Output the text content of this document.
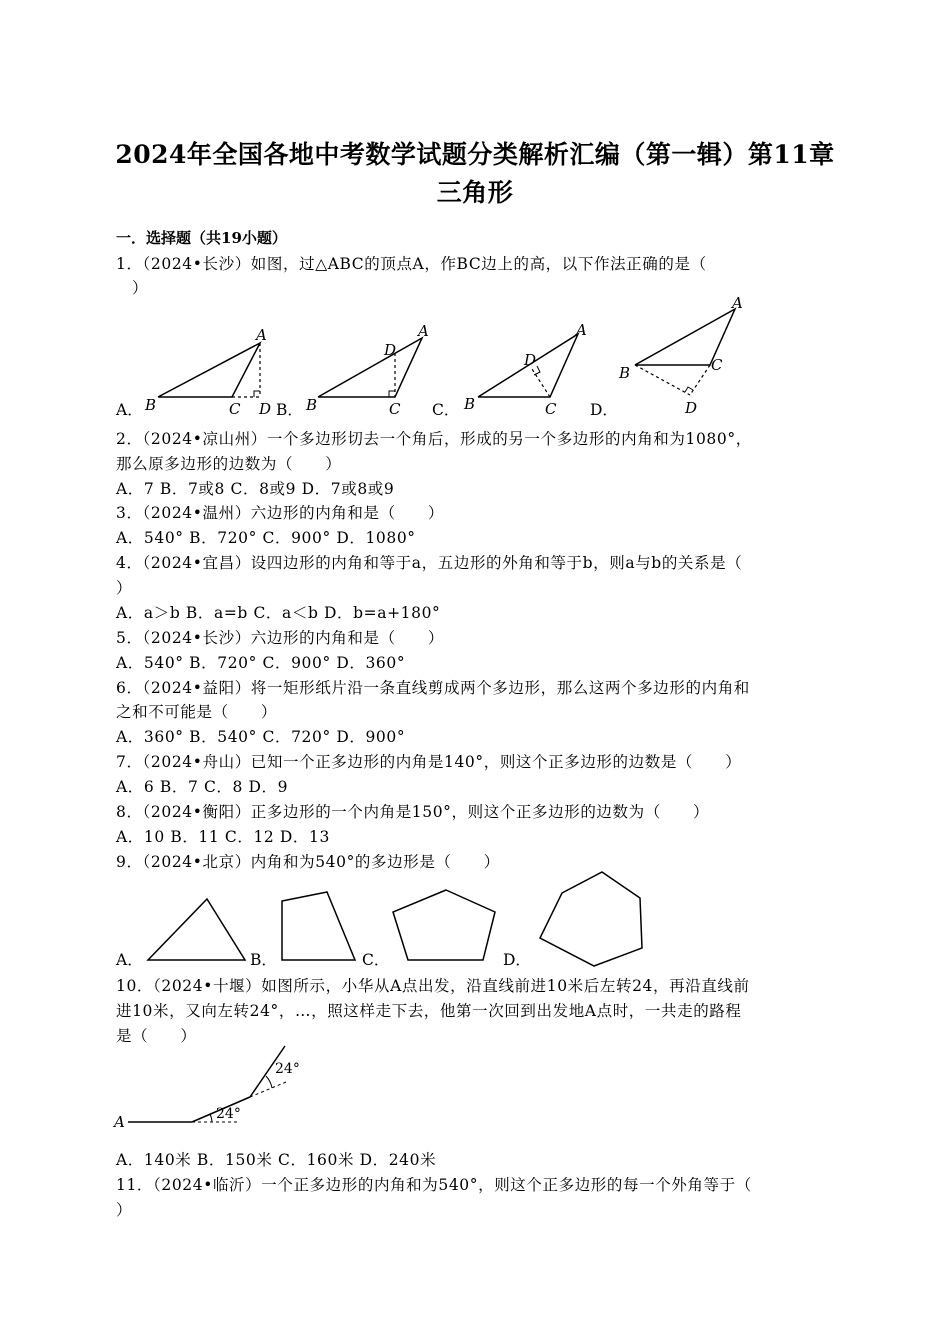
2024年全国各地中考数学试题分类解析汇编（第一辑）第11章
三角形
一．选择题（共19小题）
1．（2024•长沙）如图，过△ABC的顶点A，作BC边上的高，以下作法正确的是（
）
A．	B．	C．	D．
A
B	C D
A
B	C
D
A
B	C
D
A
B	C
D
2．（2024•凉山州）一个多边形切去一个角后，形成的另一个多边形的内角和为1080°，
那么原多边形的边数为（　　）
A．7 B．7或8 C．8或9 D．7或8或9
3．（2024•温州）六边形的内角和是（　　）
A．540° B．720° C．900° D．1080°
4．（2024•宜昌）设四边形的内角和等于a，五边形的外角和等于b，则a与b的关系是（
）
A．a＞b B．a=b C．a＜b D．b=a+180°
5．（2024•长沙）六边形的内角和是（　　）
A．540° B．720° C．900° D．360°
6．（2024•益阳）将一矩形纸片沿一条直线剪成两个多边形，那么这两个多边形的内角和
之和不可能是（　　）
A．360° B．540° C．720° D．900°
7．（2024•舟山）已知一个正多边形的内角是140°，则这个正多边形的边数是（　　）
A．6 B．7 C．8 D．9
8．（2024•衡阳）正多边形的一个内角是150°，则这个正多边形的边数为（　　）
A．10 B．11 C．12 D．13
9．（2024•北京）内角和为540°的多边形是（　　）
A．	B．	C．	D．
10．（2024•十堰）如图所示，小华从A点出发，沿直线前进10米后左转24，再沿直线前
进10米，又向左转24°，…，照这样走下去，他第一次回到出发地A点时，一共走的路程
是（　　）
A	24°
24°
A．140米 B．150米 C．160米 D．240米
11．（2024•临沂）一个正多边形的内角和为540°，则这个正多边形的每一个外角等于（
）
